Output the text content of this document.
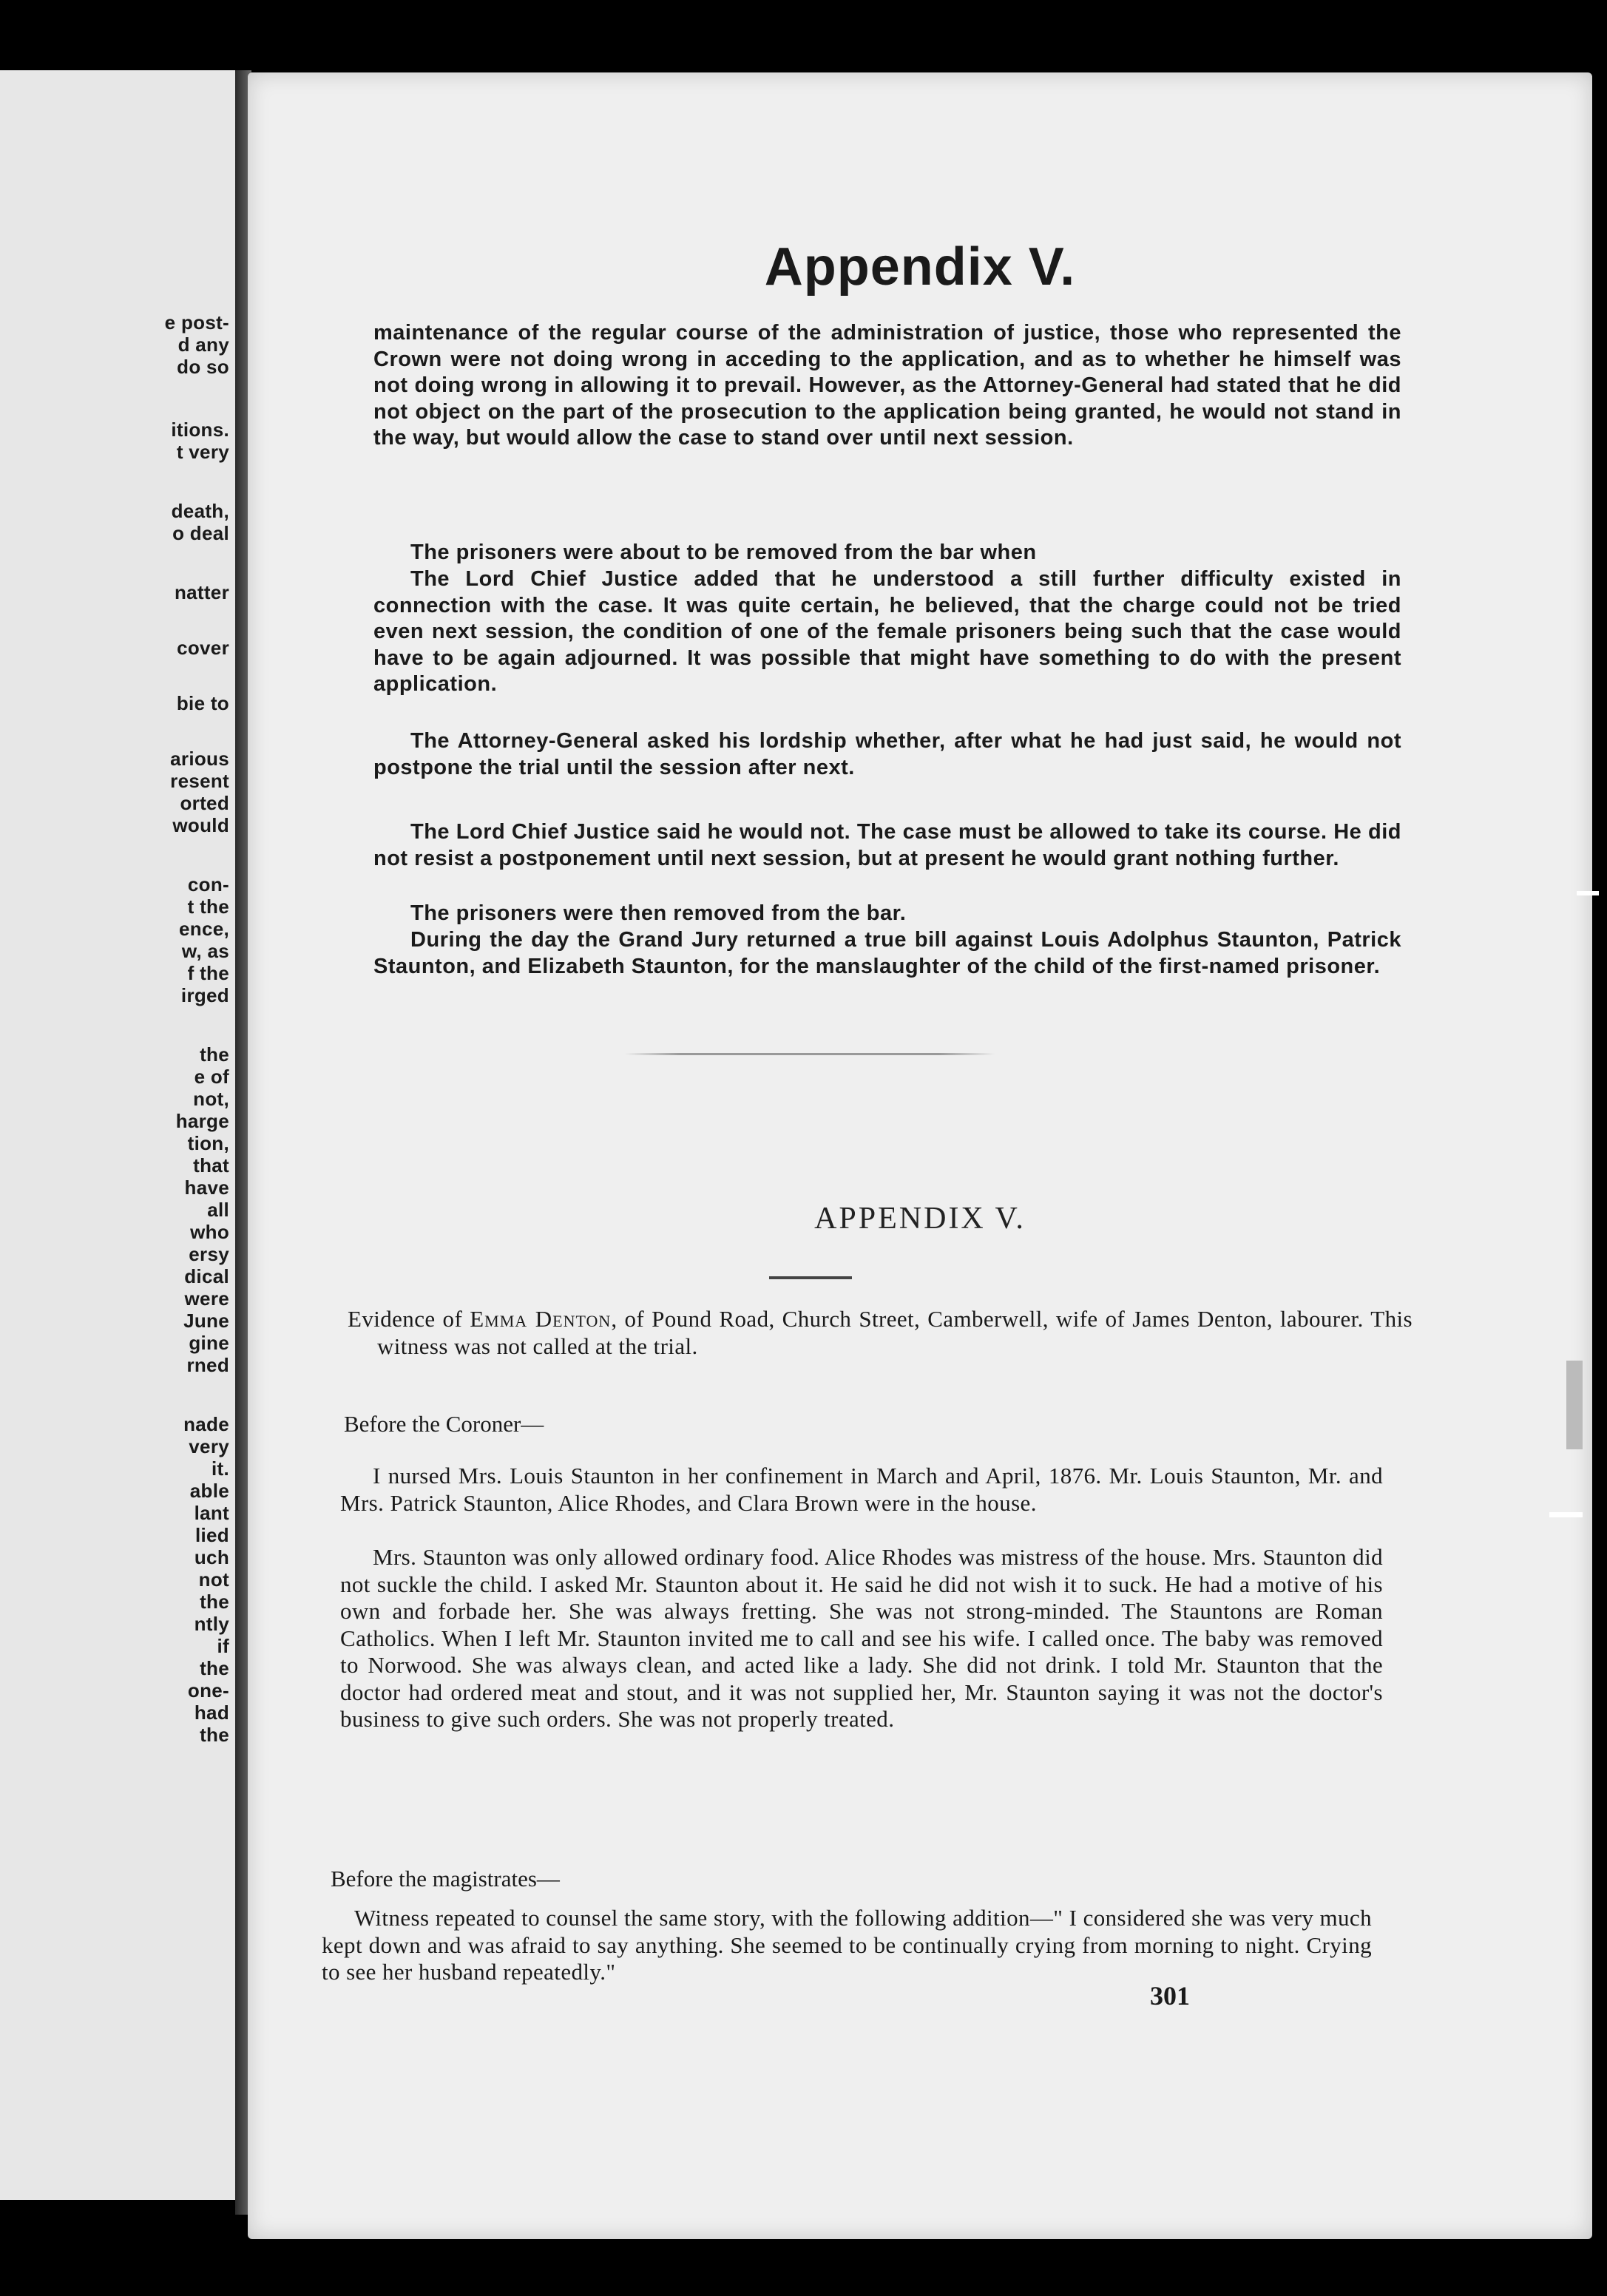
e post-
d any
do so
itions.
t very
death,
o deal
natter
cover
bie to
arious
resent
orted
would
con-
t the
ence,
w, as
f the
irged
the
e of
not,
harge
tion,
that
have
all
who
ersy
dical
were
June
gine
rned
nade
very
it.
able
lant
lied
uch
not
the
ntly
if
the
one-
had
the
Appendix V.

maintenance of the regular course of the administration of justice, those who represented the Crown were not doing wrong in acceding to the application, and as to whether he himself was not doing wrong in allowing it to prevail. However, as the Attorney-General had stated that he did not object on the part of the prosecution to the application being granted, he would not stand in the way, but would allow the case to stand over until next session.

The prisoners were about to be removed from the bar when

The Lord Chief Justice added that he understood a still further difficulty existed in connection with the case. It was quite certain, he believed, that the charge could not be tried even next session, the condition of one of the female prisoners being such that the case would have to be again adjourned. It was possible that might have something to do with the present application.

The Attorney-General asked his lordship whether, after what he had just said, he would not postpone the trial until the session after next.

The Lord Chief Justice said he would not. The case must be allowed to take its course. He did not resist a postponement until next session, but at present he would grant nothing further.

The prisoners were then removed from the bar.

During the day the Grand Jury returned a true bill against Louis Adolphus Staunton, Patrick Staunton, and Elizabeth Staunton, for the manslaughter of the child of the first-named prisoner.

APPENDIX V.

Evidence of Emma Denton, of Pound Road, Church Street, Camberwell, wife of James Denton, labourer. This witness was not called at the trial.

Before the Coroner—

I nursed Mrs. Louis Staunton in her confinement in March and April, 1876. Mr. Louis Staunton, Mr. and Mrs. Patrick Staunton, Alice Rhodes, and Clara Brown were in the house.

Mrs. Staunton was only allowed ordinary food. Alice Rhodes was mistress of the house. Mrs. Staunton did not suckle the child. I asked Mr. Staunton about it. He said he did not wish it to suck. He had a motive of his own and forbade her. She was always fretting. She was not strong-minded. The Stauntons are Roman Catholics. When I left Mr. Staunton invited me to call and see his wife. I called once. The baby was removed to Norwood. She was always clean, and acted like a lady. She did not drink. I told Mr. Staunton that the doctor had ordered meat and stout, and it was not supplied her, Mr. Staunton saying it was not the doctor's business to give such orders. She was not properly treated.

Before the magistrates—

Witness repeated to counsel the same story, with the following addition—" I considered she was very much kept down and was afraid to say anything. She seemed to be continually crying from morning to night. Crying to see her husband repeatedly."

301
